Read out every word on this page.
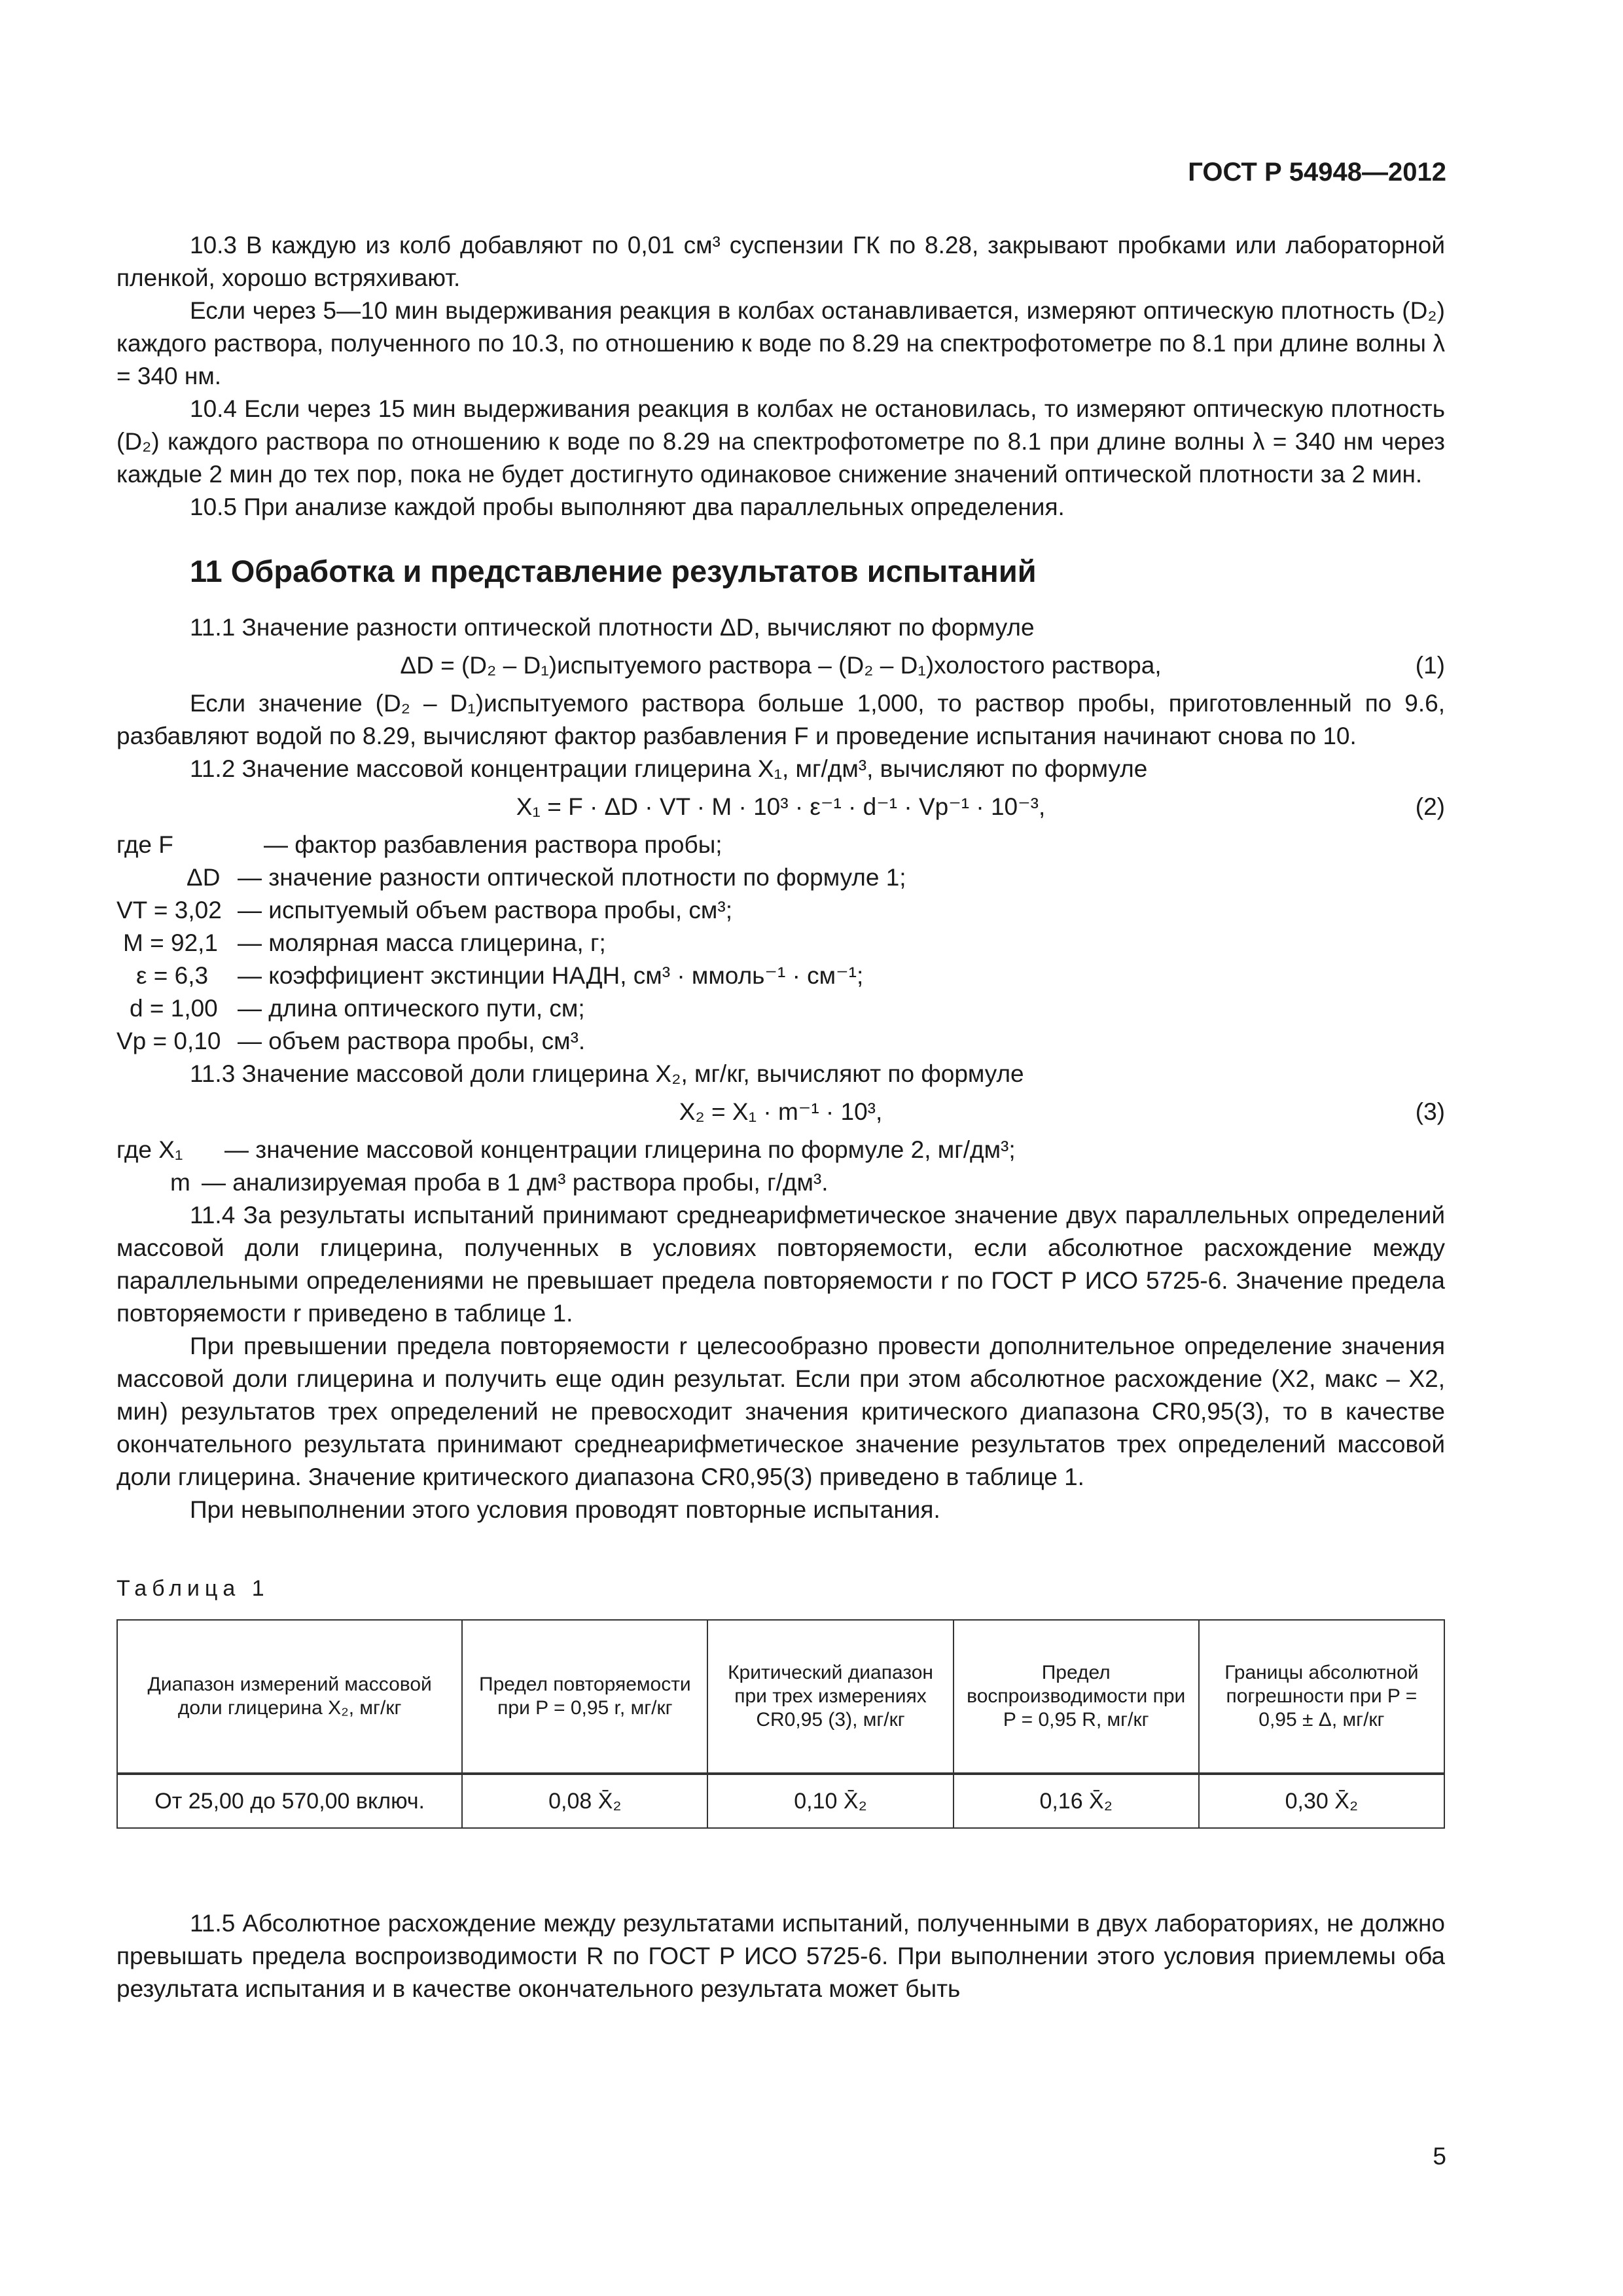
ГОСТ Р 54948—2012

10.3 В каждую из колб добавляют по 0,01 см³ суспензии ГК по 8.28, закрывают пробками или лабораторной пленкой, хорошо встряхивают.

Если через 5—10 мин выдерживания реакция в колбах останавливается, измеряют оптическую плотность (D₂) каждого раствора, полученного по 10.3, по отношению к воде по 8.29 на спектрофотометре по 8.1 при длине волны λ = 340 нм.

10.4 Если через 15 мин выдерживания реакция в колбах не остановилась, то измеряют оптическую плотность (D₂) каждого раствора по отношению к воде по 8.29 на спектрофотометре по 8.1 при длине волны λ = 340 нм через каждые 2 мин до тех пор, пока не будет достигнуто одинаковое снижение значений оптической плотности за 2 мин.

10.5 При анализе каждой пробы выполняют два параллельных определения.

11 Обработка и представление результатов испытаний

11.1 Значение разности оптической плотности ΔD, вычисляют по формуле

ΔD = (D₂ – D₁)испытуемого раствора – (D₂ – D₁)холостого раствора,	(1)

Если значение (D₂ – D₁)испытуемого раствора больше 1,000, то раствор пробы, приготовленный по 9.6, разбавляют водой по 8.29, вычисляют фактор разбавления F и проведение испытания начинают снова по 10.

11.2 Значение массовой концентрации глицерина X₁, мг/дм³, вычисляют по формуле

X₁ = F · ΔD · VT · M · 10³ · ε⁻¹ · d⁻¹ · Vp⁻¹ · 10⁻³,	(2)
где F	— фактор разбавления раствора пробы;
ΔD — значение разности оптической плотности по формуле 1;
VT = 3,02 — испытуемый объем раствора пробы, см³;
M = 92,1 — молярная масса глицерина, г;
ε = 6,3 — коэффициент экстинции НАДН, см³ · ммоль⁻¹ · см⁻¹;
d = 1,00 — длина оптического пути, см;
Vp = 0,10 — объем раствора пробы, см³.

11.3 Значение массовой доли глицерина X₂, мг/кг, вычисляют по формуле

X₂ = X₁ · m⁻¹ · 10³,	(3)
где X₁ — значение массовой концентрации глицерина по формуле 2, мг/дм³;
m — анализируемая проба в 1 дм³ раствора пробы, г/дм³.

11.4 За результаты испытаний принимают среднеарифметическое значение двух параллельных определений массовой доли глицерина, полученных в условиях повторяемости, если абсолютное расхождение между параллельными определениями не превышает предела повторяемости r по ГОСТ Р ИСО 5725-6. Значение предела повторяемости r приведено в таблице 1.

При превышении предела повторяемости r целесообразно провести дополнительное определение значения массовой доли глицерина и получить еще один результат. Если при этом абсолютное расхождение (X2, макс – X2, мин) результатов трех определений не превосходит значения критического диапазона CR0,95(3), то в качестве окончательного результата принимают среднеарифметическое значение результатов трех определений массовой доли глицерина. Значение критического диапазона CR0,95(3) приведено в таблице 1.

При невыполнении этого условия проводят повторные испытания.

Таблица 1
Диапазон измерений массовой доли глицерина X₂, мг/кг	Предел повторяемости при P = 0,95 r, мг/кг	Критический диапазон при трех измерениях CR0,95 (3), мг/кг	Предел воспроизводимости при P = 0,95 R, мг/кг	Границы абсолютной погрешности при P = 0,95 ± Δ, мг/кг
От 25,00 до 570,00 включ.	0,08 X̄₂	0,10 X̄₂	0,16 X̄₂	0,30 X̄₂

11.5 Абсолютное расхождение между результатами испытаний, полученными в двух лабораториях, не должно превышать предела воспроизводимости R по ГОСТ Р ИСО 5725-6. При выполнении этого условия приемлемы оба результата испытания и в качестве окончательного результата может быть

5
